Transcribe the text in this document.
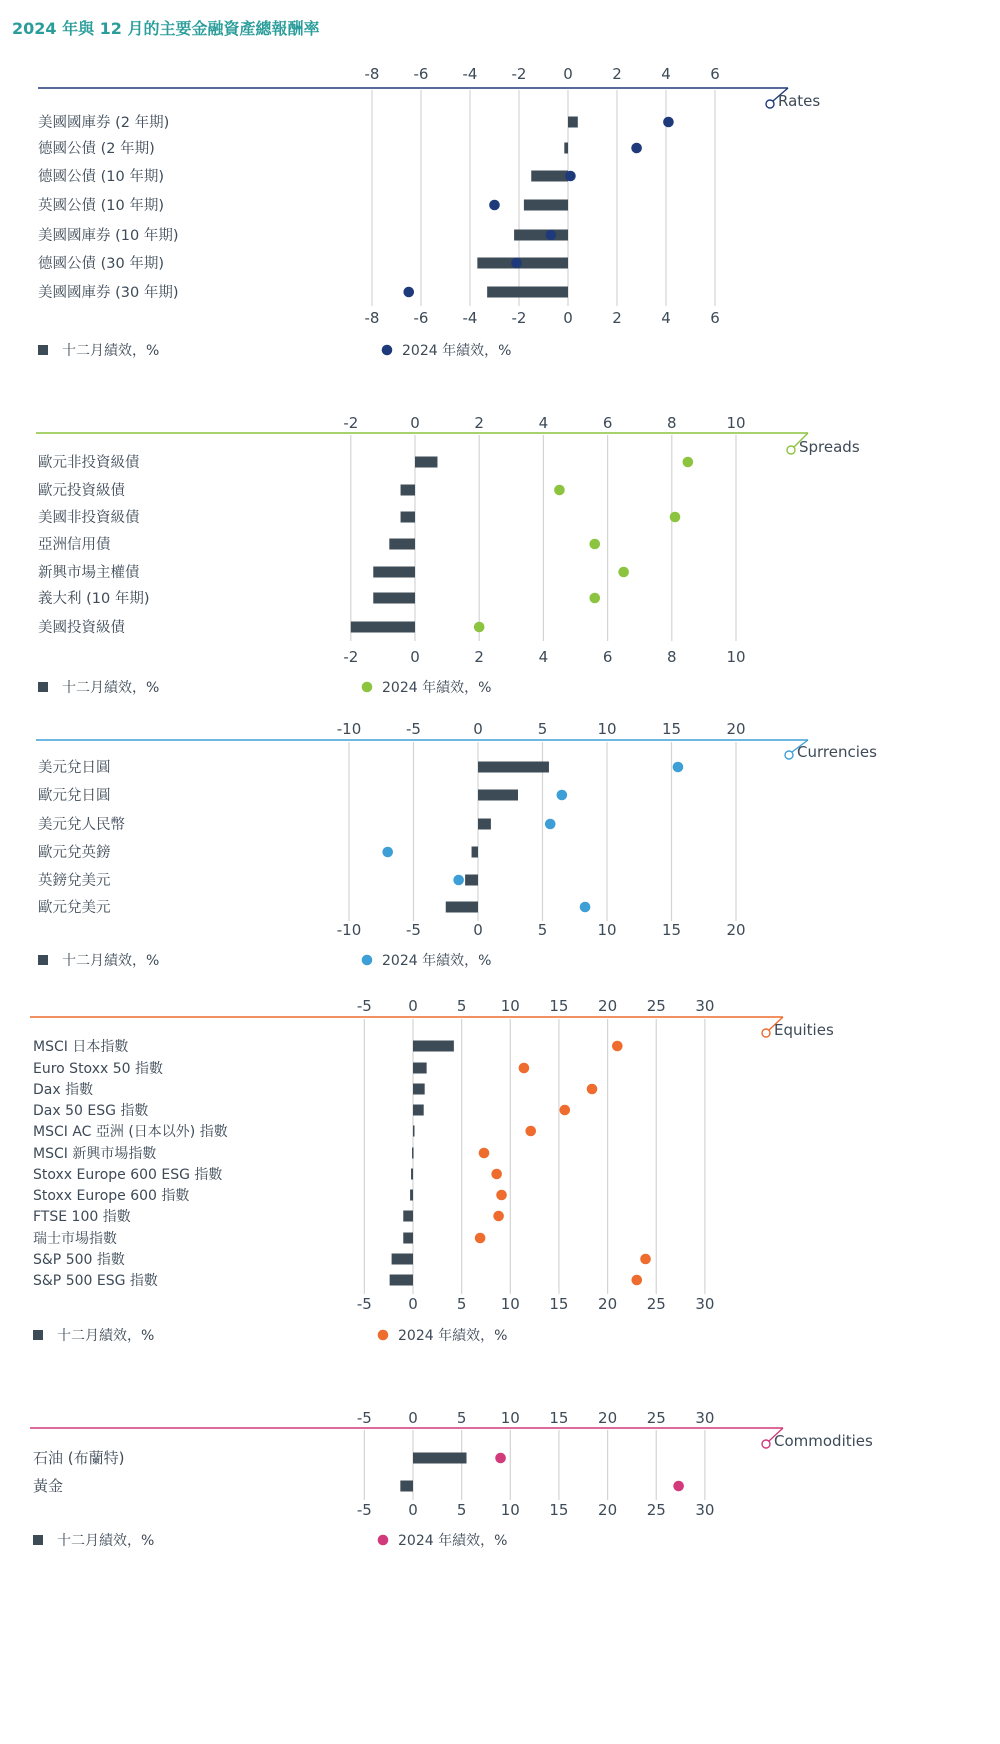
2024 年與 12 月的主要金融資產總報酬率
-8
-8
-6
-6
-4
-4
-2
-2
0
0
2
2
4
4
6
6
Rates
美國國庫券 (2 年期)
德國公債 (2 年期)
德國公債 (10 年期)
英國公債 (10 年期)
美國國庫券 (10 年期)
德國公債 (30 年期)
美國國庫券 (30 年期)
十二月績效，%	2024 年績效，%
-2
-2
0
0
2
2
4
4
6
6
8
8
10
10
Spreads
歐元非投資級債
歐元投資級債
美國非投資級債
亞洲信用債
新興市場主權債
義大利 (10 年期)
美國投資級債
十二月績效，%	2024 年績效，%
-10
-10
-5
-5
0
0
5
5
10
10
15
15
20
20
Currencies
美元兌日圓
歐元兌日圓
美元兌人民幣
歐元兌英鎊
英鎊兌美元
歐元兌美元
十二月績效，%	2024 年績效，%
-5
-5
0
0
5
5
10
10
15
15
20
20
25
25
30
30
Equities
MSCI 日本指數
Euro Stoxx 50 指數
Dax 指數
Dax 50 ESG 指數
MSCI AC 亞洲 (日本以外) 指數
MSCI 新興市場指數
Stoxx Europe 600 ESG 指數
Stoxx Europe 600 指數
FTSE 100 指數
瑞士市場指數
S&P 500 指數
S&P 500 ESG 指數
十二月績效，%	2024 年績效，%
-5
-5
0
0
5
5
10
10
15
15
20
20
25
25
30
30
Commodities
石油 (布蘭特)
黃金
十二月績效，%	2024 年績效，%
